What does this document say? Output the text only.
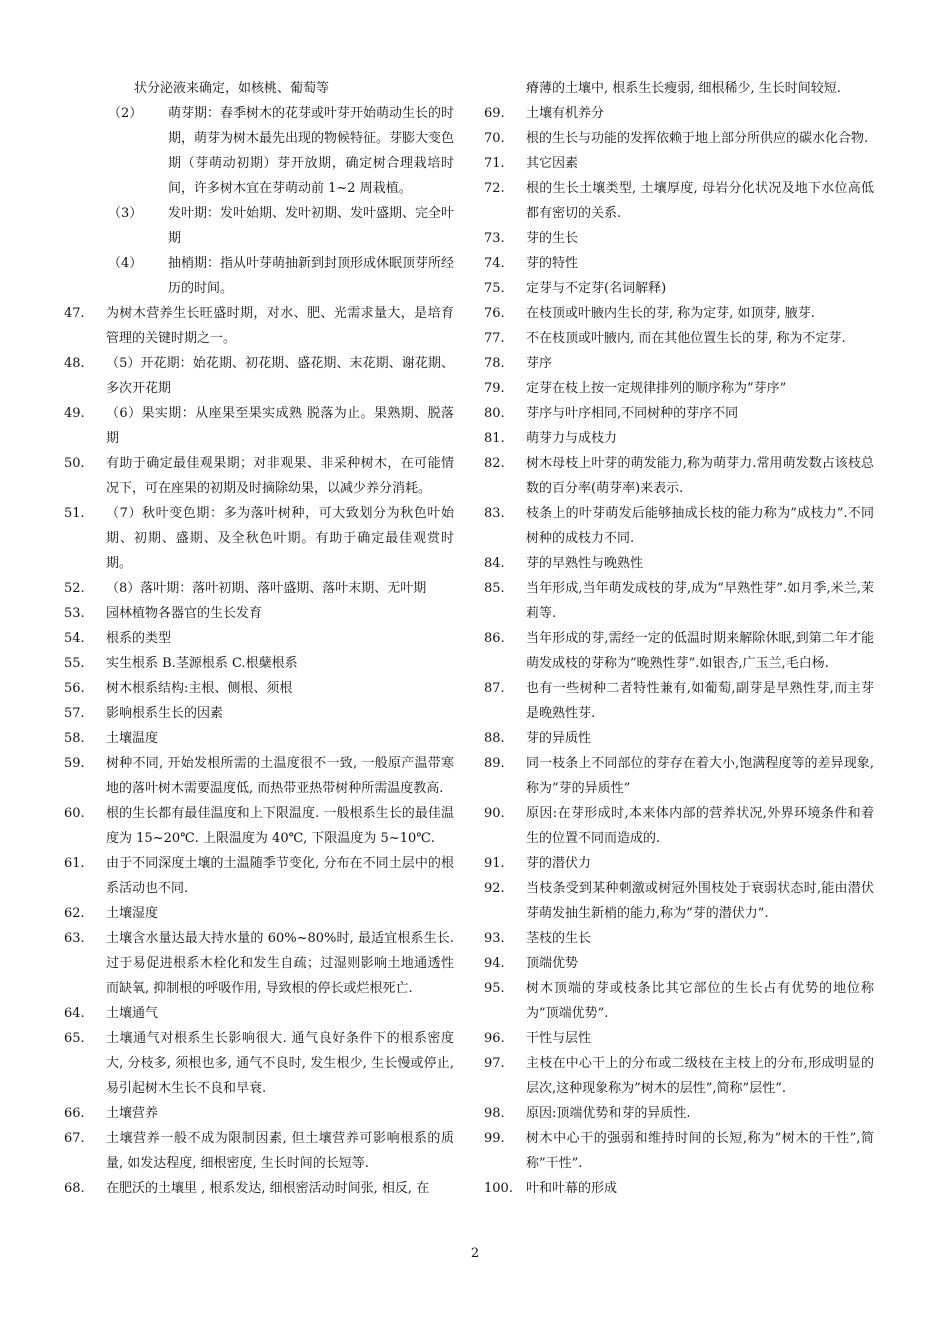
状分泌液来确定，如核桃、葡萄等
（2）	萌芽期：春季树木的花芽或叶芽开始萌动生长的时期，萌芽为树木最先出现的物候特征。芽膨大变色期（芽萌动初期）芽开放期，确定树合理栽培时间，许多树木宜在芽萌动前 1~2 周栽植。
（3）	发叶期：发叶始期、发叶初期、发叶盛期、完全叶期
（4）	抽梢期：指从叶芽萌抽新到封顶形成休眠顶芽所经历的时间。
47.	为树木营养生长旺盛时期，对水、肥、光需求量大，是培育管理的关键时期之一。
48.	（5）开花期：始花期、初花期、盛花期、末花期、谢花期、多次开花期
49.	（6）果实期：从座果至果实成熟 脱落为止。果熟期、脱落期
50.	有助于确定最佳观果期；对非观果、非采种树木，在可能情况下，可在座果的初期及时摘除幼果，以减少养分消耗。
51.	（7）秋叶变色期：多为落叶树种，可大致划分为秋色叶始期、初期、盛期、及全秋色叶期。有助于确定最佳观赏时期。
52.	（8）落叶期：落叶初期、落叶盛期、落叶末期、无叶期
53.	园林植物各器官的生长发育
54.	根系的类型
55.	实生根系 B.茎源根系 C.根蘖根系
56.	树木根系结构:主根、侧根、须根
57.	影响根系生长的因素
58.	土壤温度
59.	树种不同, 开始发根所需的土温度很不一致, 一般原产温带寒地的落叶树木需要温度低, 而热带亚热带树种所需温度教高.
60.	根的生长都有最佳温度和上下限温度. 一般根系生长的最佳温度为 15~20℃. 上限温度为 40℃, 下限温度为 5~10℃.
61.	由于不同深度土壤的土温随季节变化, 分布在不同土层中的根系活动也不同.
62.	土壤湿度
63.	土壤含水量达最大持水量的 60%~80%时, 最适宜根系生长. 过于易促进根系木栓化和发生自疏；过湿则影响土地通透性而缺氧, 抑制根的呼吸作用, 导致根的停长或烂根死亡.
64.	土壤通气
65.	土壤通气对根系生长影响很大. 通气良好条件下的根系密度大, 分枝多, 须根也多, 通气不良时, 发生根少, 生长慢或停止, 易引起树木生长不良和早衰.
66.	土壤营养
67.	土壤营养一般不成为限制因素, 但土壤营养可影响根系的质量, 如发达程度, 细根密度, 生长时间的长短等.
68.	在肥沃的土壤里 , 根系发达, 细根密活动时间张, 相反, 在
瘠薄的土壤中, 根系生长瘦弱, 细根稀少, 生长时间较短.
69.	土壤有机养分
70.	根的生长与功能的发挥依赖于地上部分所供应的碳水化合物.
71.	其它因素
72.	根的生长土壤类型, 土壤厚度, 母岩分化状况及地下水位高低都有密切的关系.
73.	芽的生长
74.	芽的特性
75.	定芽与不定芽(名词解释)
76.	在枝顶或叶腋内生长的芽, 称为定芽, 如顶芽, 腋芽.
77.	不在枝顶或叶腋内, 而在其他位置生长的芽, 称为不定芽.
78.	芽序
79.	定芽在枝上按一定规律排列的顺序称为”芽序”
80.	芽序与叶序相同,不同树种的芽序不同
81.	萌芽力与成枝力
82.	树木母枝上叶芽的萌发能力,称为萌芽力.常用萌发数占该枝总数的百分率(萌芽率)来表示.
83.	枝条上的叶芽萌发后能够抽成长枝的能力称为”成枝力”.不同树种的成枝力不同.
84.	芽的早熟性与晚熟性
85.	当年形成,当年萌发成枝的芽,成为”早熟性芽”.如月季,米兰,茉莉等.
86.	当年形成的芽,需经一定的低温时期来解除休眠,到第二年才能萌发成枝的芽称为”晚熟性芽”.如银杏,广玉兰,毛白杨.
87.	也有一些树种二者特性兼有,如葡萄,副芽是早熟性芽,而主芽是晚熟性芽.
88.	芽的异质性
89.	同一枝条上不同部位的芽存在着大小,饱满程度等的差异现象,称为”芽的异质性”
90.	原因:在芽形成时,本来体内部的营养状况,外界环境条件和着生的位置不同而造成的.
91.	芽的潜伏力
92.	当枝条受到某种刺激或树冠外围枝处于衰弱状态时,能由潜伏芽萌发抽生新梢的能力,称为”芽的潜伏力”.
93.	茎枝的生长
94.	顶端优势
95.	树木顶端的芽或枝条比其它部位的生长占有优势的地位称为”顶端优势”.
96.	干性与层性
97.	主枝在中心干上的分布或二级枝在主枝上的分布,形成明显的层次,这种现象称为”树木的层性”,简称”层性”.
98.	原因:顶端优势和芽的异质性.
99.	树木中心干的强弱和维持时间的长短,称为”树木的干性”,简称”干性”.
100.	叶和叶幕的形成
2
